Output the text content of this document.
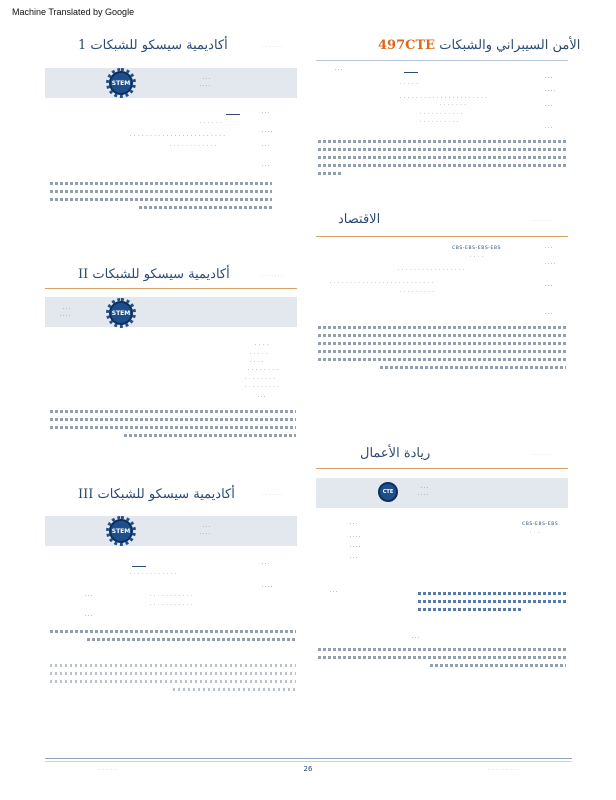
Machine Translated by Google
أكاديمية سيسكو للشبكات 1	· · · · · · ·
STEM	· · ·
· · · ·
· · ·
· · · · · ·
· · · ·
· · · · · · · · · · · · · · · · · · · · · · · ·
· · · · · · · · · · · ·	· · ·
· · ·
أكاديمية سيسكو للشبكات II	· · · · · · ·
STEM
· · ·
· · · ·
· · · ·
· · · · ·
· · · ·
· · · · · · · ·
· · · · · · · ·
· · · · · · · · ·
· · ·
أكاديمية سيسكو للشبكات III	· · · · · · ·
STEM	· · ·
· · · ·
· · ·
· · · · · · · · · · · ·
· · · ·
· · ·	· · · · · · · · · · ·
· · · · · · · · · · ·
· · ·
الأمن السيبراني والشبكات 497CTE
· · ·
· · ·
· · · · ·
· · · ·
· · · · · · · · · · · · · · · · · · · · · ·
· · · · · · ·	· · ·
· · · · · · · · · · ·
· · · · · · · · · ·
· · ·
الاقتصاد	· · · · · · ·
CBS-EBS-EBS-EBS	· · ·
· · · ·
· · · ·
· · · · · · · · · · · · · · · · ·
· · · · · · · · · · · · · · · · · · · · · · · · · ·
· · ·
· · · · · · · · ·
· · ·
ريادة الأعمال	· · · · · · ·
CTE
· · ·
· · · ·
CBS-EBS-EBS
· · ·
· · ·
· · · ·
· · · ·
· · ·
· · ·
· · ·
· · · · · · · ·	26	· · · · · · · · · · · · ·
